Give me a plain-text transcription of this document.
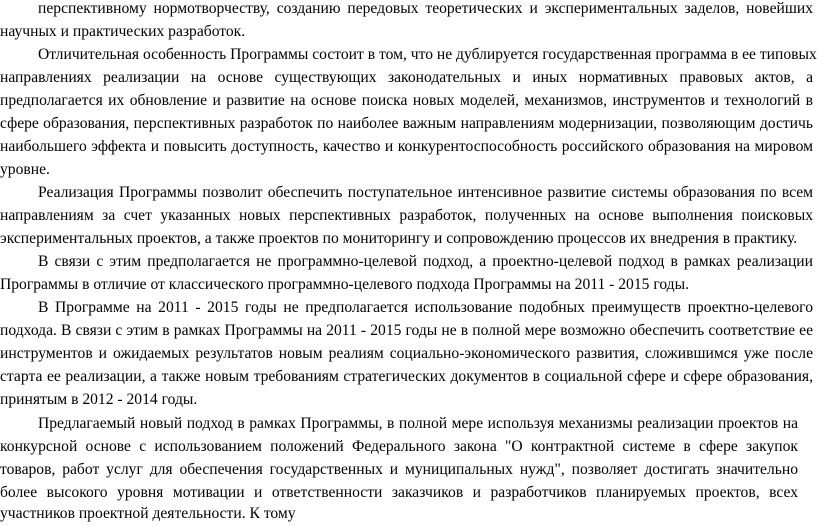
перспективному нормотворчеству, созданию передовых теоретических и экспериментальных заделов, новейших
научных и практических разработок.
Отличительная особенность Программы состоит в том, что не дублируется государственная программа в ее типовых
направлениях реализации на основе существующих законодательных и иных нормативных правовых актов, а
предполагается их обновление и развитие на основе поиска новых моделей, механизмов, инструментов и технологий в
сфере образования, перспективных разработок по наиболее важным направлениям модернизации, позволяющим достичь
наибольшего эффекта и повысить доступность, качество и конкурентоспособность российского образования на мировом
уровне.
Реализация Программы позволит обеспечить поступательное интенсивное развитие системы образования по всем
направлениям за счет указанных новых перспективных разработок, полученных на основе выполнения поисковых
экспериментальных проектов, а также проектов по мониторингу и сопровождению процессов их внедрения в практику.
В связи с этим предполагается не программно-целевой подход, а проектно-целевой подход в рамках реализации
Программы в отличие от классического программно-целевого подхода Программы на 2011 - 2015 годы.
В Программе на 2011 - 2015 годы не предполагается использование подобных преимуществ проектно-целевого
подхода. В связи с этим в рамках Программы на 2011 - 2015 годы не в полной мере возможно обеспечить соответствие ее
инструментов и ожидаемых результатов новым реалиям социально-экономического развития, сложившимся уже после
старта ее реализации, а также новым требованиям стратегических документов в социальной сфере и сфере образования,
принятым в 2012 - 2014 годы.
Предлагаемый новый подход в рамках Программы, в полной мере используя механизмы реализации проектов на
конкурсной основе с использованием положений Федерального закона "О контрактной системе в сфере закупок
товаров, работ услуг для обеспечения государственных и муниципальных нужд", позволяет достигать значительно
более высокого уровня мотивации и ответственности заказчиков и разработчиков планируемых проектов, всех
участников проектной деятельности. К тому
